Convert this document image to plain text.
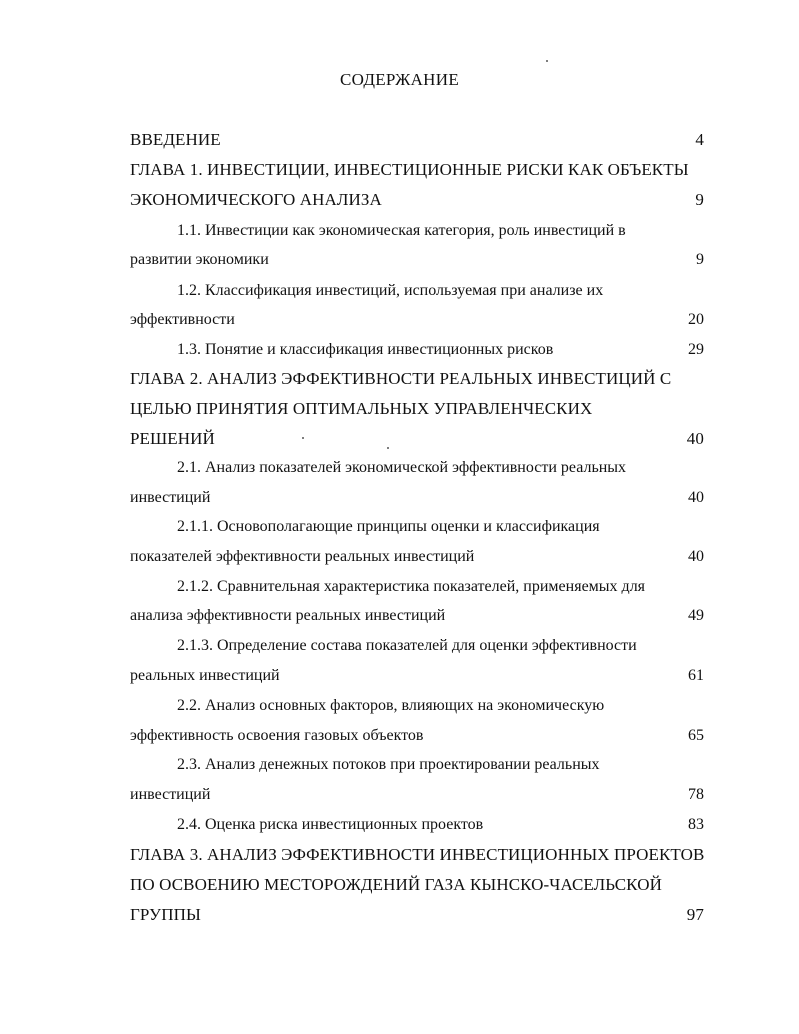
СОДЕРЖАНИЕ
ВВЕДЕНИЕ	4
ГЛАВА 1. ИНВЕСТИЦИИ, ИНВЕСТИЦИОННЫЕ РИСКИ КАК ОБЪЕКТЫ
ЭКОНОМИЧЕСКОГО АНАЛИЗА	9
1.1. Инвестиции как экономическая категория, роль инвестиций в
развитии экономики	9
1.2. Классификация инвестиций, используемая при анализе их
эффективности	20
1.3. Понятие и классификация инвестиционных рисков	29
ГЛАВА 2. АНАЛИЗ ЭФФЕКТИВНОСТИ РЕАЛЬНЫХ ИНВЕСТИЦИЙ С
ЦЕЛЬЮ ПРИНЯТИЯ ОПТИМАЛЬНЫХ УПРАВЛЕНЧЕСКИХ
РЕШЕНИЙ	40
2.1. Анализ показателей экономической эффективности реальных
инвестиций	40
2.1.1. Основополагающие принципы оценки и классификация
показателей эффективности реальных инвестиций	40
2.1.2. Сравнительная характеристика показателей, применяемых для
анализа эффективности реальных инвестиций	49
2.1.3. Определение состава показателей для оценки эффективности
реальных инвестиций	61
2.2. Анализ основных факторов, влияющих на экономическую
эффективность освоения газовых объектов	65
2.3. Анализ денежных потоков при проектировании реальных
инвестиций	78
2.4. Оценка риска инвестиционных проектов	83
ГЛАВА 3. АНАЛИЗ ЭФФЕКТИВНОСТИ ИНВЕСТИЦИОННЫХ ПРОЕКТОВ
ПО ОСВОЕНИЮ МЕСТОРОЖДЕНИЙ ГАЗА КЫНСКО-ЧАСЕЛЬСКОЙ
ГРУППЫ	97
